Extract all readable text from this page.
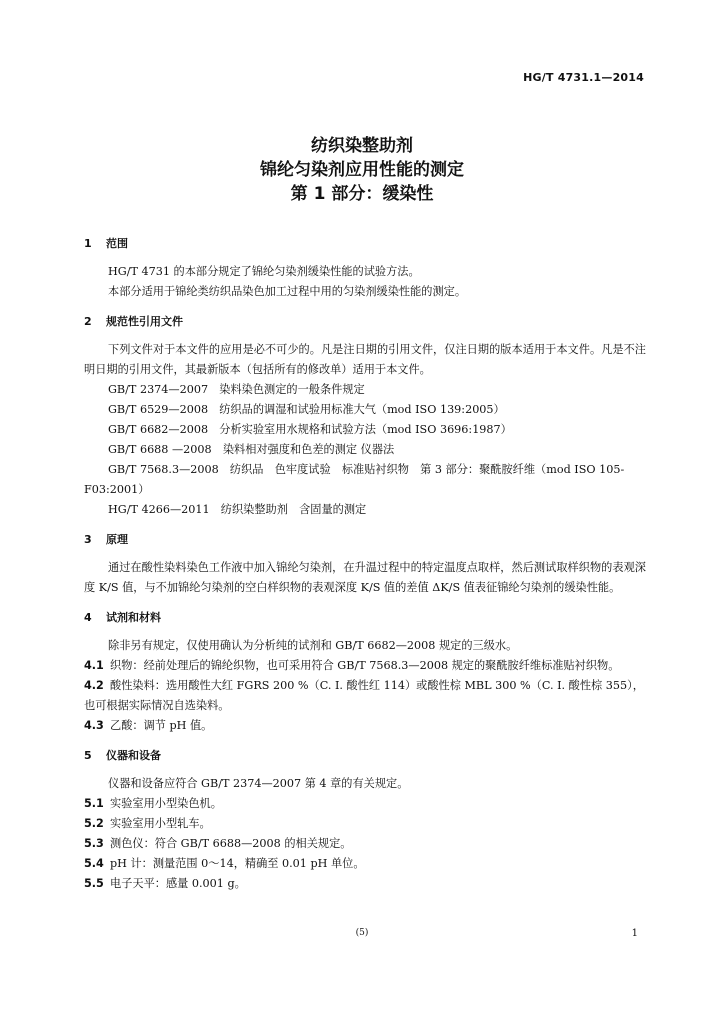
HG/T 4731.1—2014
纺织染整助剂
锦纶匀染剂应用性能的测定
第 1 部分：缓染性
1 范围

HG/T 4731 的本部分规定了锦纶匀染剂缓染性能的试验方法。

本部分适用于锦纶类纺织品染色加工过程中用的匀染剂缓染性能的测定。

2 规范性引用文件

下列文件对于本文件的应用是必不可少的。凡是注日期的引用文件，仅注日期的版本适用于本文件。凡是不注明日期的引用文件，其最新版本（包括所有的修改单）适用于本文件。

GB/T 2374—2007　染料染色测定的一般条件规定

GB/T 6529—2008　纺织品的调湿和试验用标准大气（mod ISO 139:2005）

GB/T 6682—2008　分析实验室用水规格和试验方法（mod ISO 3696:1987）

GB/T 6688 —2008　染料相对强度和色差的测定 仪器法

GB/T 7568.3—2008　纺织品　色牢度试验　标准贴衬织物　第 3 部分：聚酰胺纤维（mod ISO 105-F03:2001）

HG/T 4266—2011　纺织染整助剂　含固量的测定

3 原理

通过在酸性染料染色工作液中加入锦纶匀染剂，在升温过程中的特定温度点取样，然后测试取样织物的表观深度 K/S 值，与不加锦纶匀染剂的空白样织物的表观深度 K/S 值的差值 ΔK/S 值表征锦纶匀染剂的缓染性能。

4 试剂和材料

除非另有规定，仅使用确认为分析纯的试剂和 GB/T 6682—2008 规定的三级水。

4.1 织物：经前处理后的锦纶织物，也可采用符合 GB/T 7568.3—2008 规定的聚酰胺纤维标准贴衬织物。

4.2 酸性染料：选用酸性大红 FGRS 200 %（C. I. 酸性红 114）或酸性棕 MBL 300 %（C. I. 酸性棕 355），也可根据实际情况自选染料。

4.3 乙酸：调节 pH 值。

5 仪器和设备

仪器和设备应符合 GB/T 2374—2007 第 4 章的有关规定。

5.1 实验室用小型染色机。

5.2 实验室用小型轧车。

5.3 测色仪：符合 GB/T 6688—2008 的相关规定。

5.4 pH 计：测量范围 0～14，精确至 0.01 pH 单位。

5.5 电子天平：感量 0.001 g。

(5)	1
